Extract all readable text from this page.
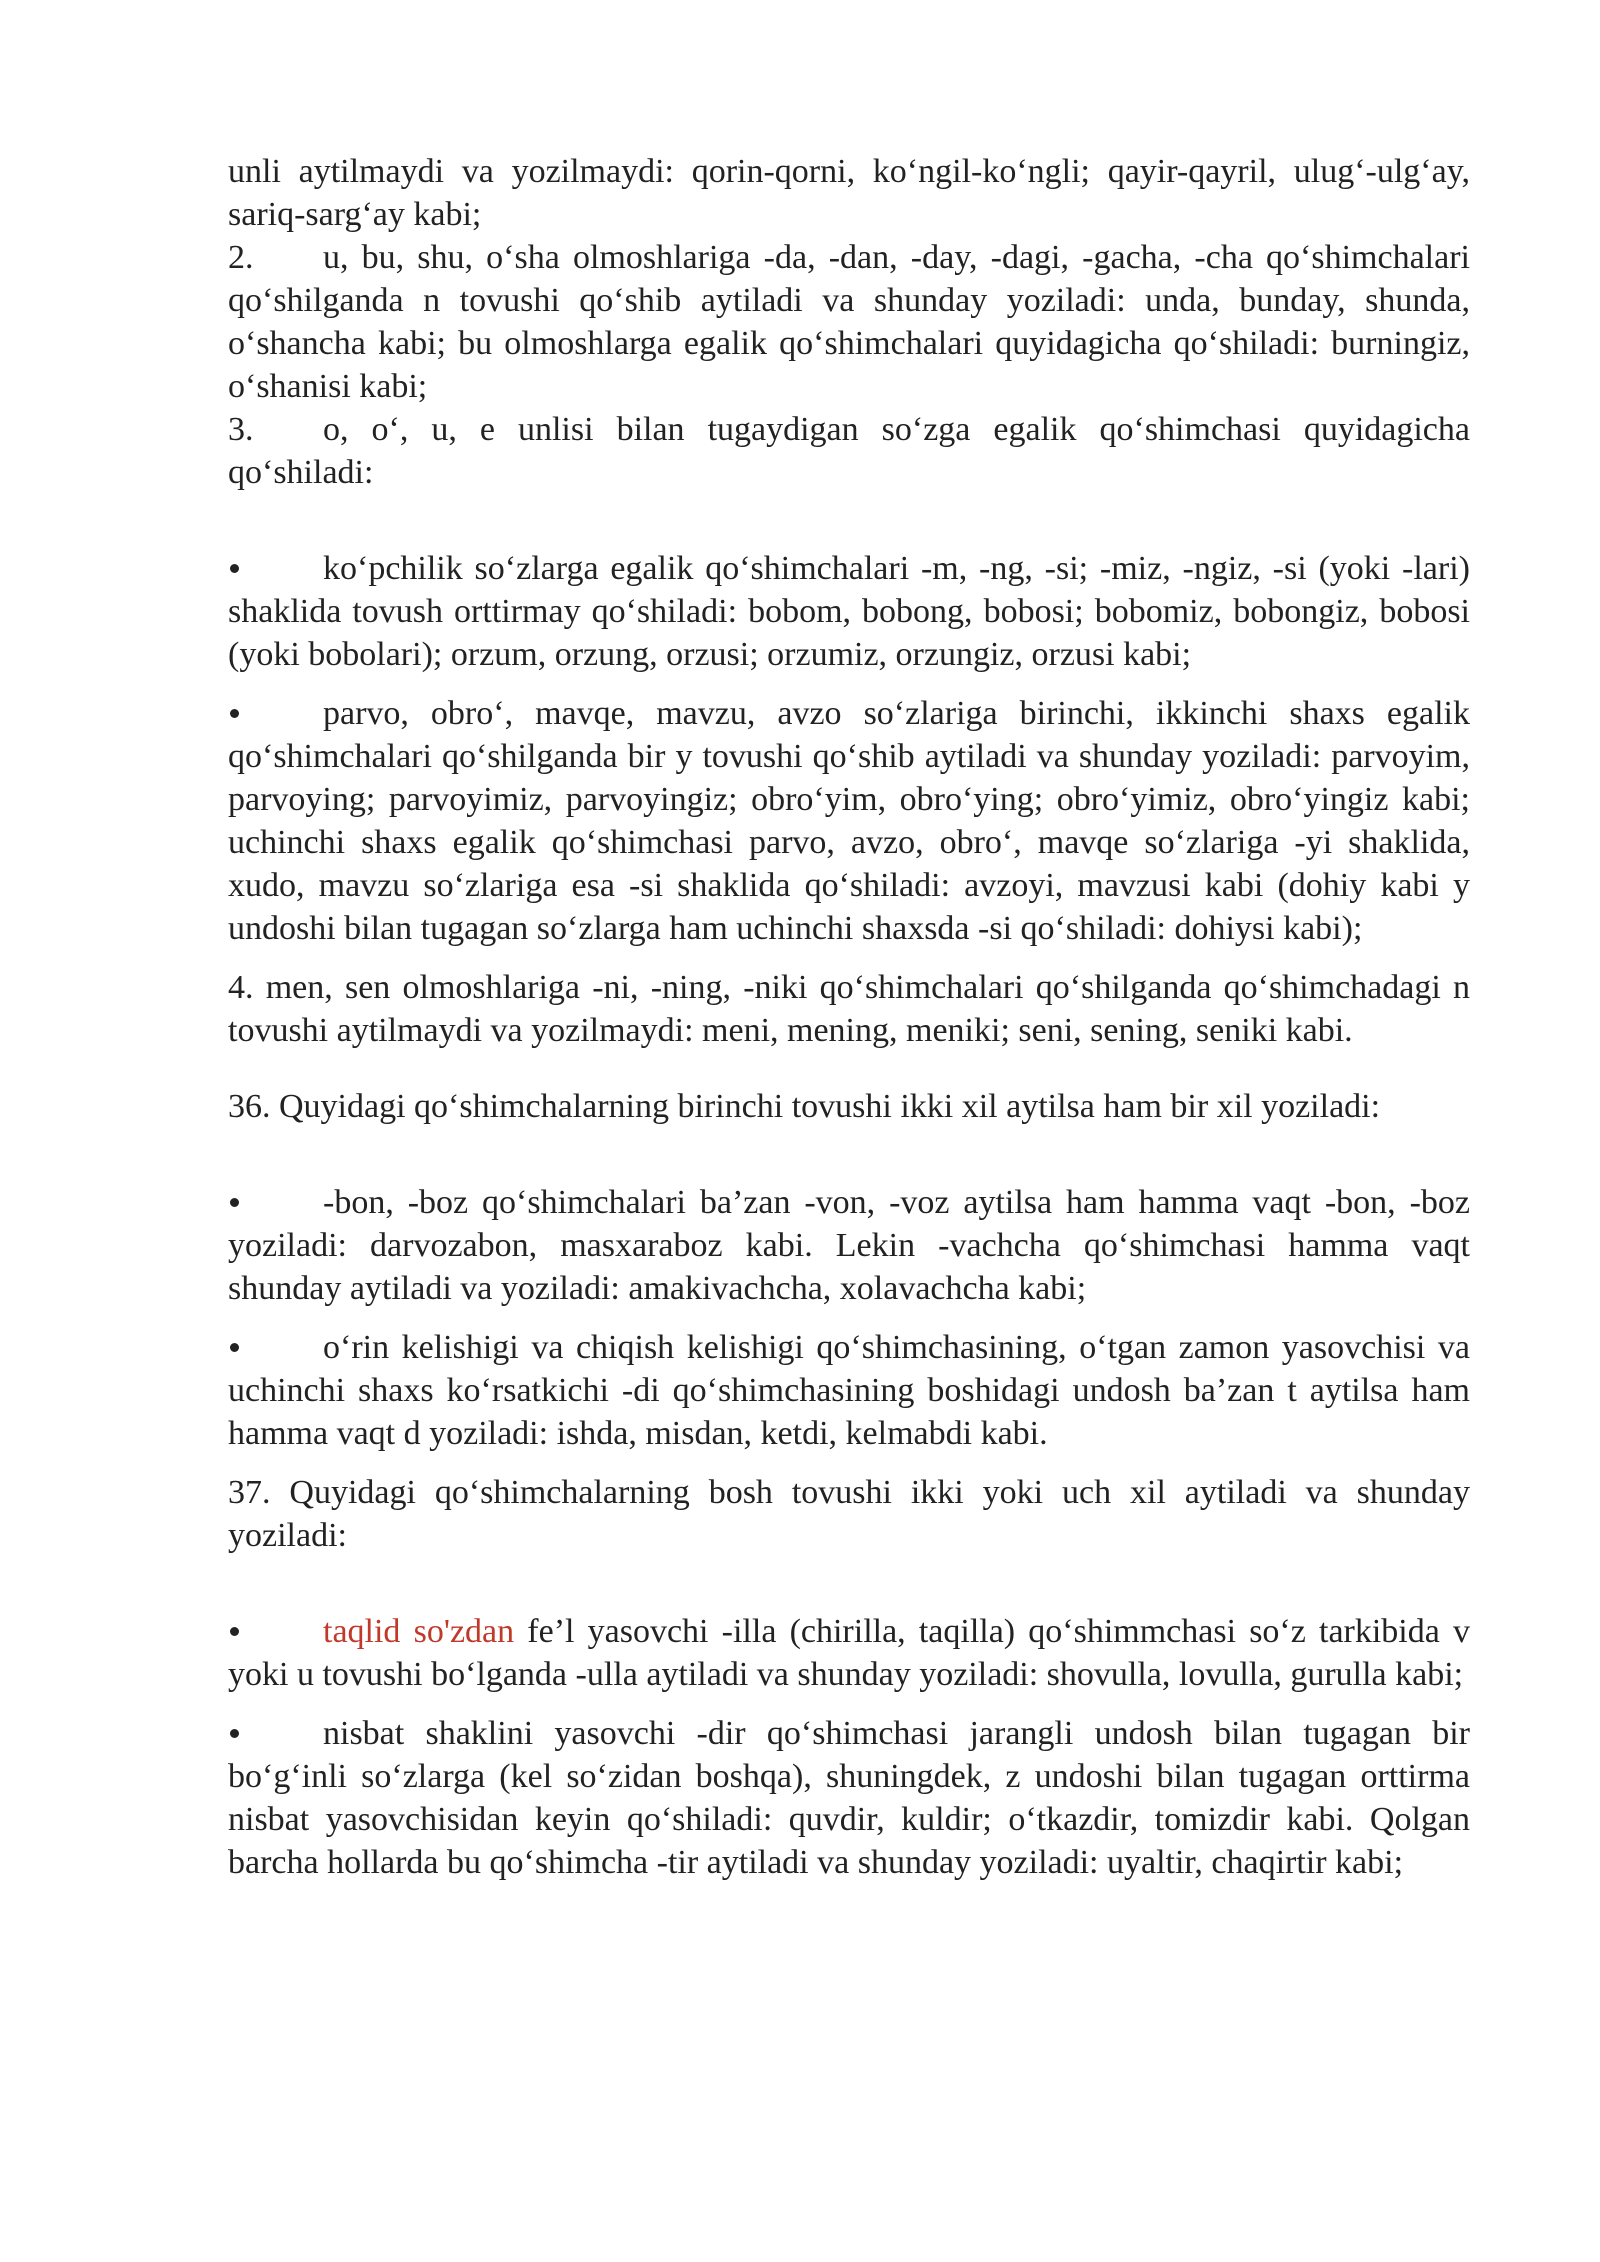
unli aytilmaydi va yozilmaydi: qorin-qorni, ko‘ngil-ko‘ngli; qayir-qayril, ulug‘-ulg‘ay, sariq-sarg‘ay kabi;

2. u, bu, shu, o‘sha olmoshlariga -da, -dan, -day, -dagi, -gacha, -cha qo‘shimchalari qo‘shilganda n tovushi qo‘shib aytiladi va shunday yoziladi: unda, bunday, shunda, o‘shancha kabi; bu olmoshlarga egalik qo‘shimchalari quyidagicha qo‘shiladi: burningiz, o‘shanisi kabi;

3. o, o‘, u, e unlisi bilan tugaydigan so‘zga egalik qo‘shimchasi quyidagicha qo‘shiladi:

ko‘pchilik so‘zlarga egalik qo‘shimchalari -m, -ng, -si; -miz, -ngiz, -si (yoki -lari) shaklida tovush orttirmay qo‘shiladi: bobom, bobong, bobosi; bobomiz, bobongiz, bobosi (yoki bobolari); orzum, orzung, orzusi; orzumiz, orzungiz, orzusi kabi;

parvo, obro‘, mavqe, mavzu, avzo so‘zlariga birinchi, ikkinchi shaxs egalik qo‘shimchalari qo‘shilganda bir y tovushi qo‘shib aytiladi va shunday yoziladi: parvoyim, parvoying; parvoyimiz, parvoyingiz; obro‘yim, obro‘ying; obro‘yimiz, obro‘yingiz kabi; uchinchi shaxs egalik qo‘shimchasi parvo, avzo, obro‘, mavqe so‘zlariga -yi shaklida, xudo, mavzu so‘zlariga esa -si shaklida qo‘shiladi: avzoyi, mavzusi kabi (dohiy kabi y undoshi bilan tugagan so‘zlarga ham uchinchi shaxsda -si qo‘shiladi: dohiysi kabi);

4. men, sen olmoshlariga -ni, -ning, -niki qo‘shimchalari qo‘shilganda qo‘shimchadagi n tovushi aytilmaydi va yozilmaydi: meni, mening, meniki; seni, sening, seniki kabi.

36. Quyidagi qo‘shimchalarning birinchi tovushi ikki xil aytilsa ham bir xil yoziladi:

-bon, -boz qo‘shimchalari ba’zan -von, -voz aytilsa ham hamma vaqt -bon, -boz yoziladi: darvozabon, masxaraboz kabi. Lekin -vachcha qo‘shimchasi hamma vaqt shunday aytiladi va yoziladi: amakivachcha, xolavachcha kabi;

o‘rin kelishigi va chiqish kelishigi qo‘shimchasining, o‘tgan zamon yasovchisi va uchinchi shaxs ko‘rsatkichi -di qo‘shimchasining boshidagi undosh ba’zan t aytilsa ham hamma vaqt d yoziladi: ishda, misdan, ketdi, kelmabdi kabi.

37. Quyidagi qo‘shimchalarning bosh tovushi ikki yoki uch xil aytiladi va shunday yoziladi:

taqlid so'zdan fe’l yasovchi -illa (chirilla, taqilla) qo‘shimmchasi so‘z tarkibida v yoki u tovushi bo‘lganda -ulla aytiladi va shunday yoziladi: shovulla, lovulla, gurulla kabi;

nisbat shaklini yasovchi -dir qo‘shimchasi jarangli undosh bilan tugagan bir bo‘g‘inli so‘zlarga (kel so‘zidan boshqa), shuningdek, z undoshi bilan tugagan orttirma nisbat yasovchisidan keyin qo‘shiladi: quvdir, kuldir; o‘tkazdir, tomizdir kabi. Qolgan barcha hollarda bu qo‘shimcha -tir aytiladi va shunday yoziladi: uyaltir, chaqirtir kabi;
